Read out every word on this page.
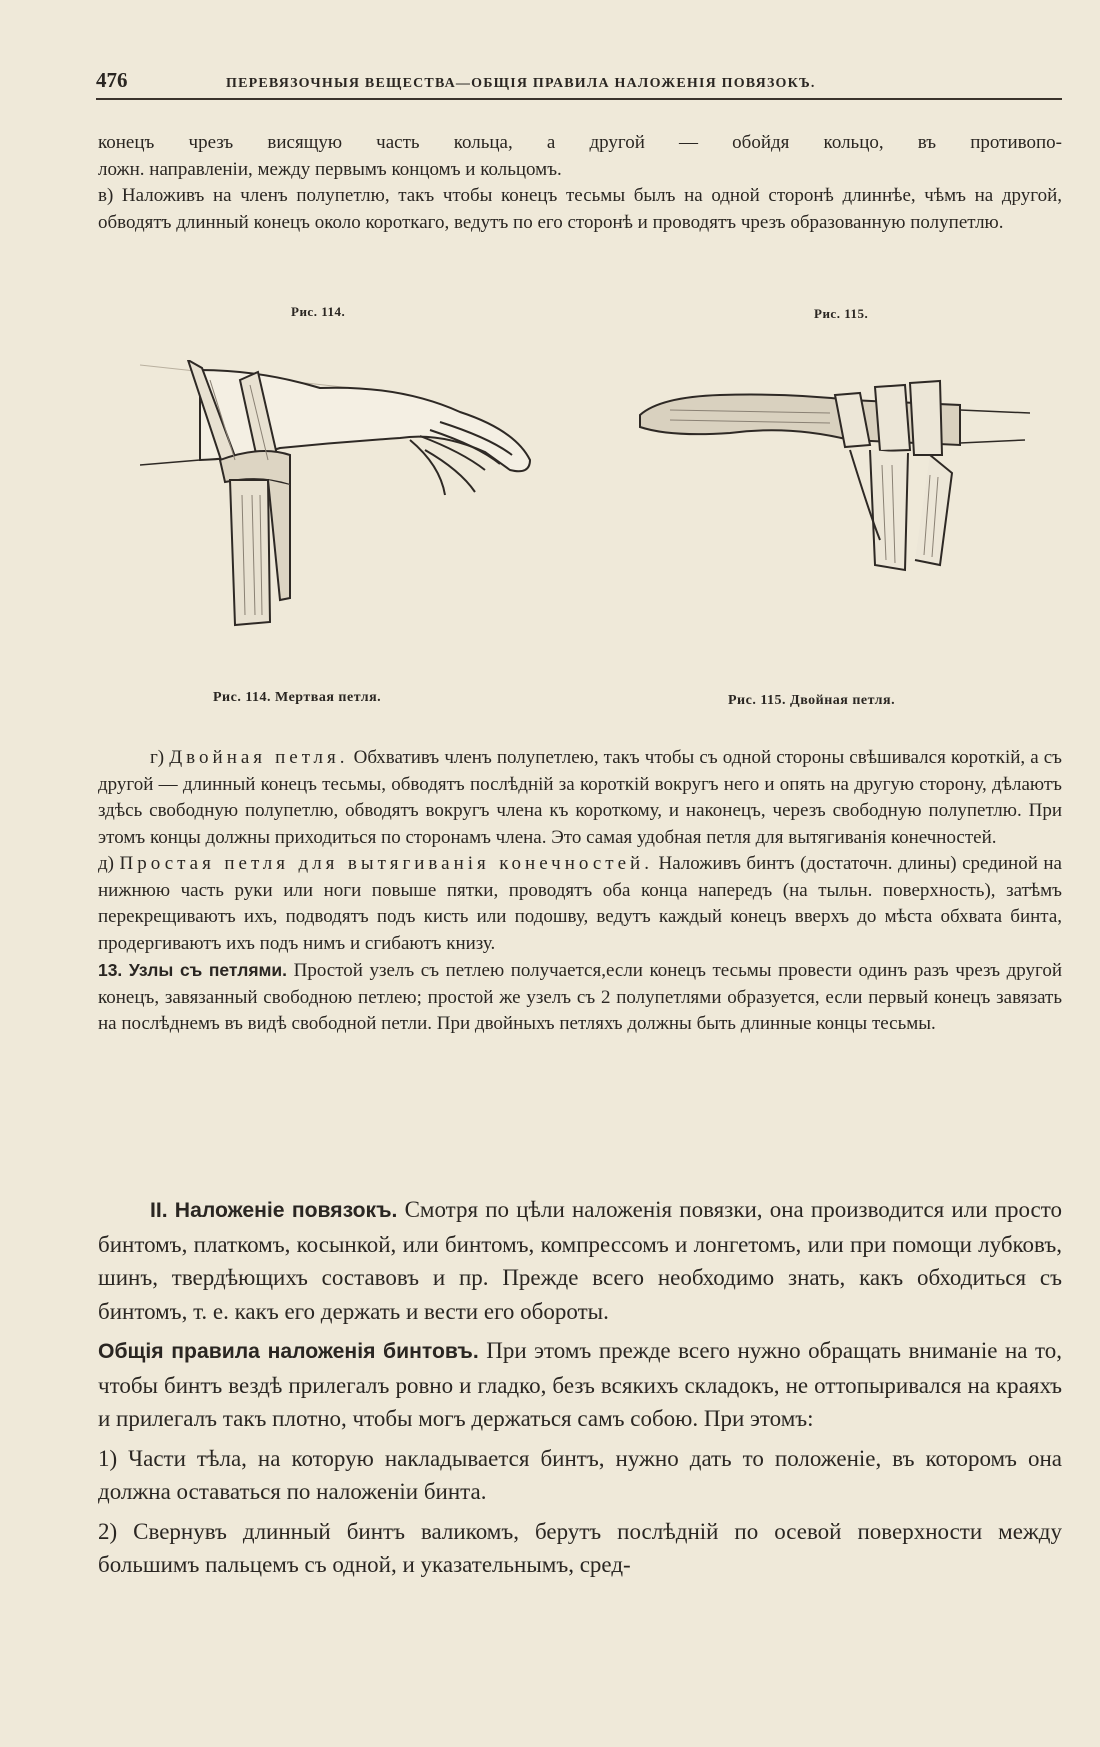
476	ПЕРЕВЯЗОЧНЫЯ ВЕЩЕСТВА—ОБЩІЯ ПРАВИЛА НАЛОЖЕНІЯ ПОВЯЗОКЪ.

конецъ чрезъ висящую часть кольца, а другой — обойдя кольцо, въ противопо-

ложн. направленіи, между первымъ концомъ и кольцомъ.

в) Наложивъ на членъ полупетлю, такъ чтобы конецъ тесьмы былъ на одной сторонѣ длиннѣе, чѣмъ на другой, обводятъ длинный конецъ около короткаго, ведутъ по его сторонѣ и проводятъ чрезъ образованную полупетлю.

Рис. 114.	Рис. 115.
Рис. 114. Мертвая петля.	Рис. 115. Двойная петля.

г) Двойная петля. Обхвативъ членъ полупетлею, такъ чтобы съ одной стороны свѣшивался короткій, а съ другой — длинный конецъ тесьмы, обводятъ послѣдній за короткій вокругъ него и опять на другую сторону, дѣлаютъ здѣсь свободную полупетлю, обводятъ вокругъ члена къ короткому, и наконецъ, черезъ свободную полупетлю. При этомъ концы должны приходиться по сторонамъ члена. Это самая удобная петля для вытягиванія конечностей.

д) Простая петля для вытягиванія конечностей. Наложивъ бинтъ (достаточн. длины) срединой на нижнюю часть руки или ноги повыше пятки, проводятъ оба конца напередъ (на тыльн. поверхность), затѣмъ перекрещиваютъ ихъ, подводятъ подъ кисть или подошву, ведутъ каждый конецъ вверхъ до мѣста обхвата бинта, продергиваютъ ихъ подъ нимъ и сгибаютъ книзу.

13. Узлы съ петлями. Простой узелъ съ петлею получается,если конецъ тесьмы провести одинъ разъ чрезъ другой конецъ, завязанный свободною петлею; простой же узелъ съ 2 полупетлями образуется, если первый конецъ завязать на послѣднемъ въ видѣ свободной петли. При двойныхъ петляхъ должны быть длинные концы тесьмы.

II. Наложеніе повязокъ. Смотря по цѣли наложенія повязки, она производится или просто бинтомъ, платкомъ, косынкой, или бинтомъ, компрессомъ и лонгетомъ, или при помощи лубковъ, шинъ, твердѣющихъ составовъ и пр. Прежде всего необходимо знать, какъ обходиться съ бинтомъ, т. е. какъ его держать и вести его обороты.

Общія правила наложенія бинтовъ. При этомъ прежде всего нужно обращать вниманіе на то, чтобы бинтъ вездѣ прилегалъ ровно и гладко, безъ всякихъ складокъ, не оттопыривался на краяхъ и прилегалъ такъ плотно, чтобы могъ держаться самъ собою. При этомъ:

1) Части тѣла, на которую накладывается бинтъ, нужно дать то положеніе, въ которомъ она должна оставаться по наложеніи бинта.

2) Свернувъ длинный бинтъ валикомъ, берутъ послѣдній по осевой поверхности между большимъ пальцемъ съ одной, и указательнымъ, сред-
